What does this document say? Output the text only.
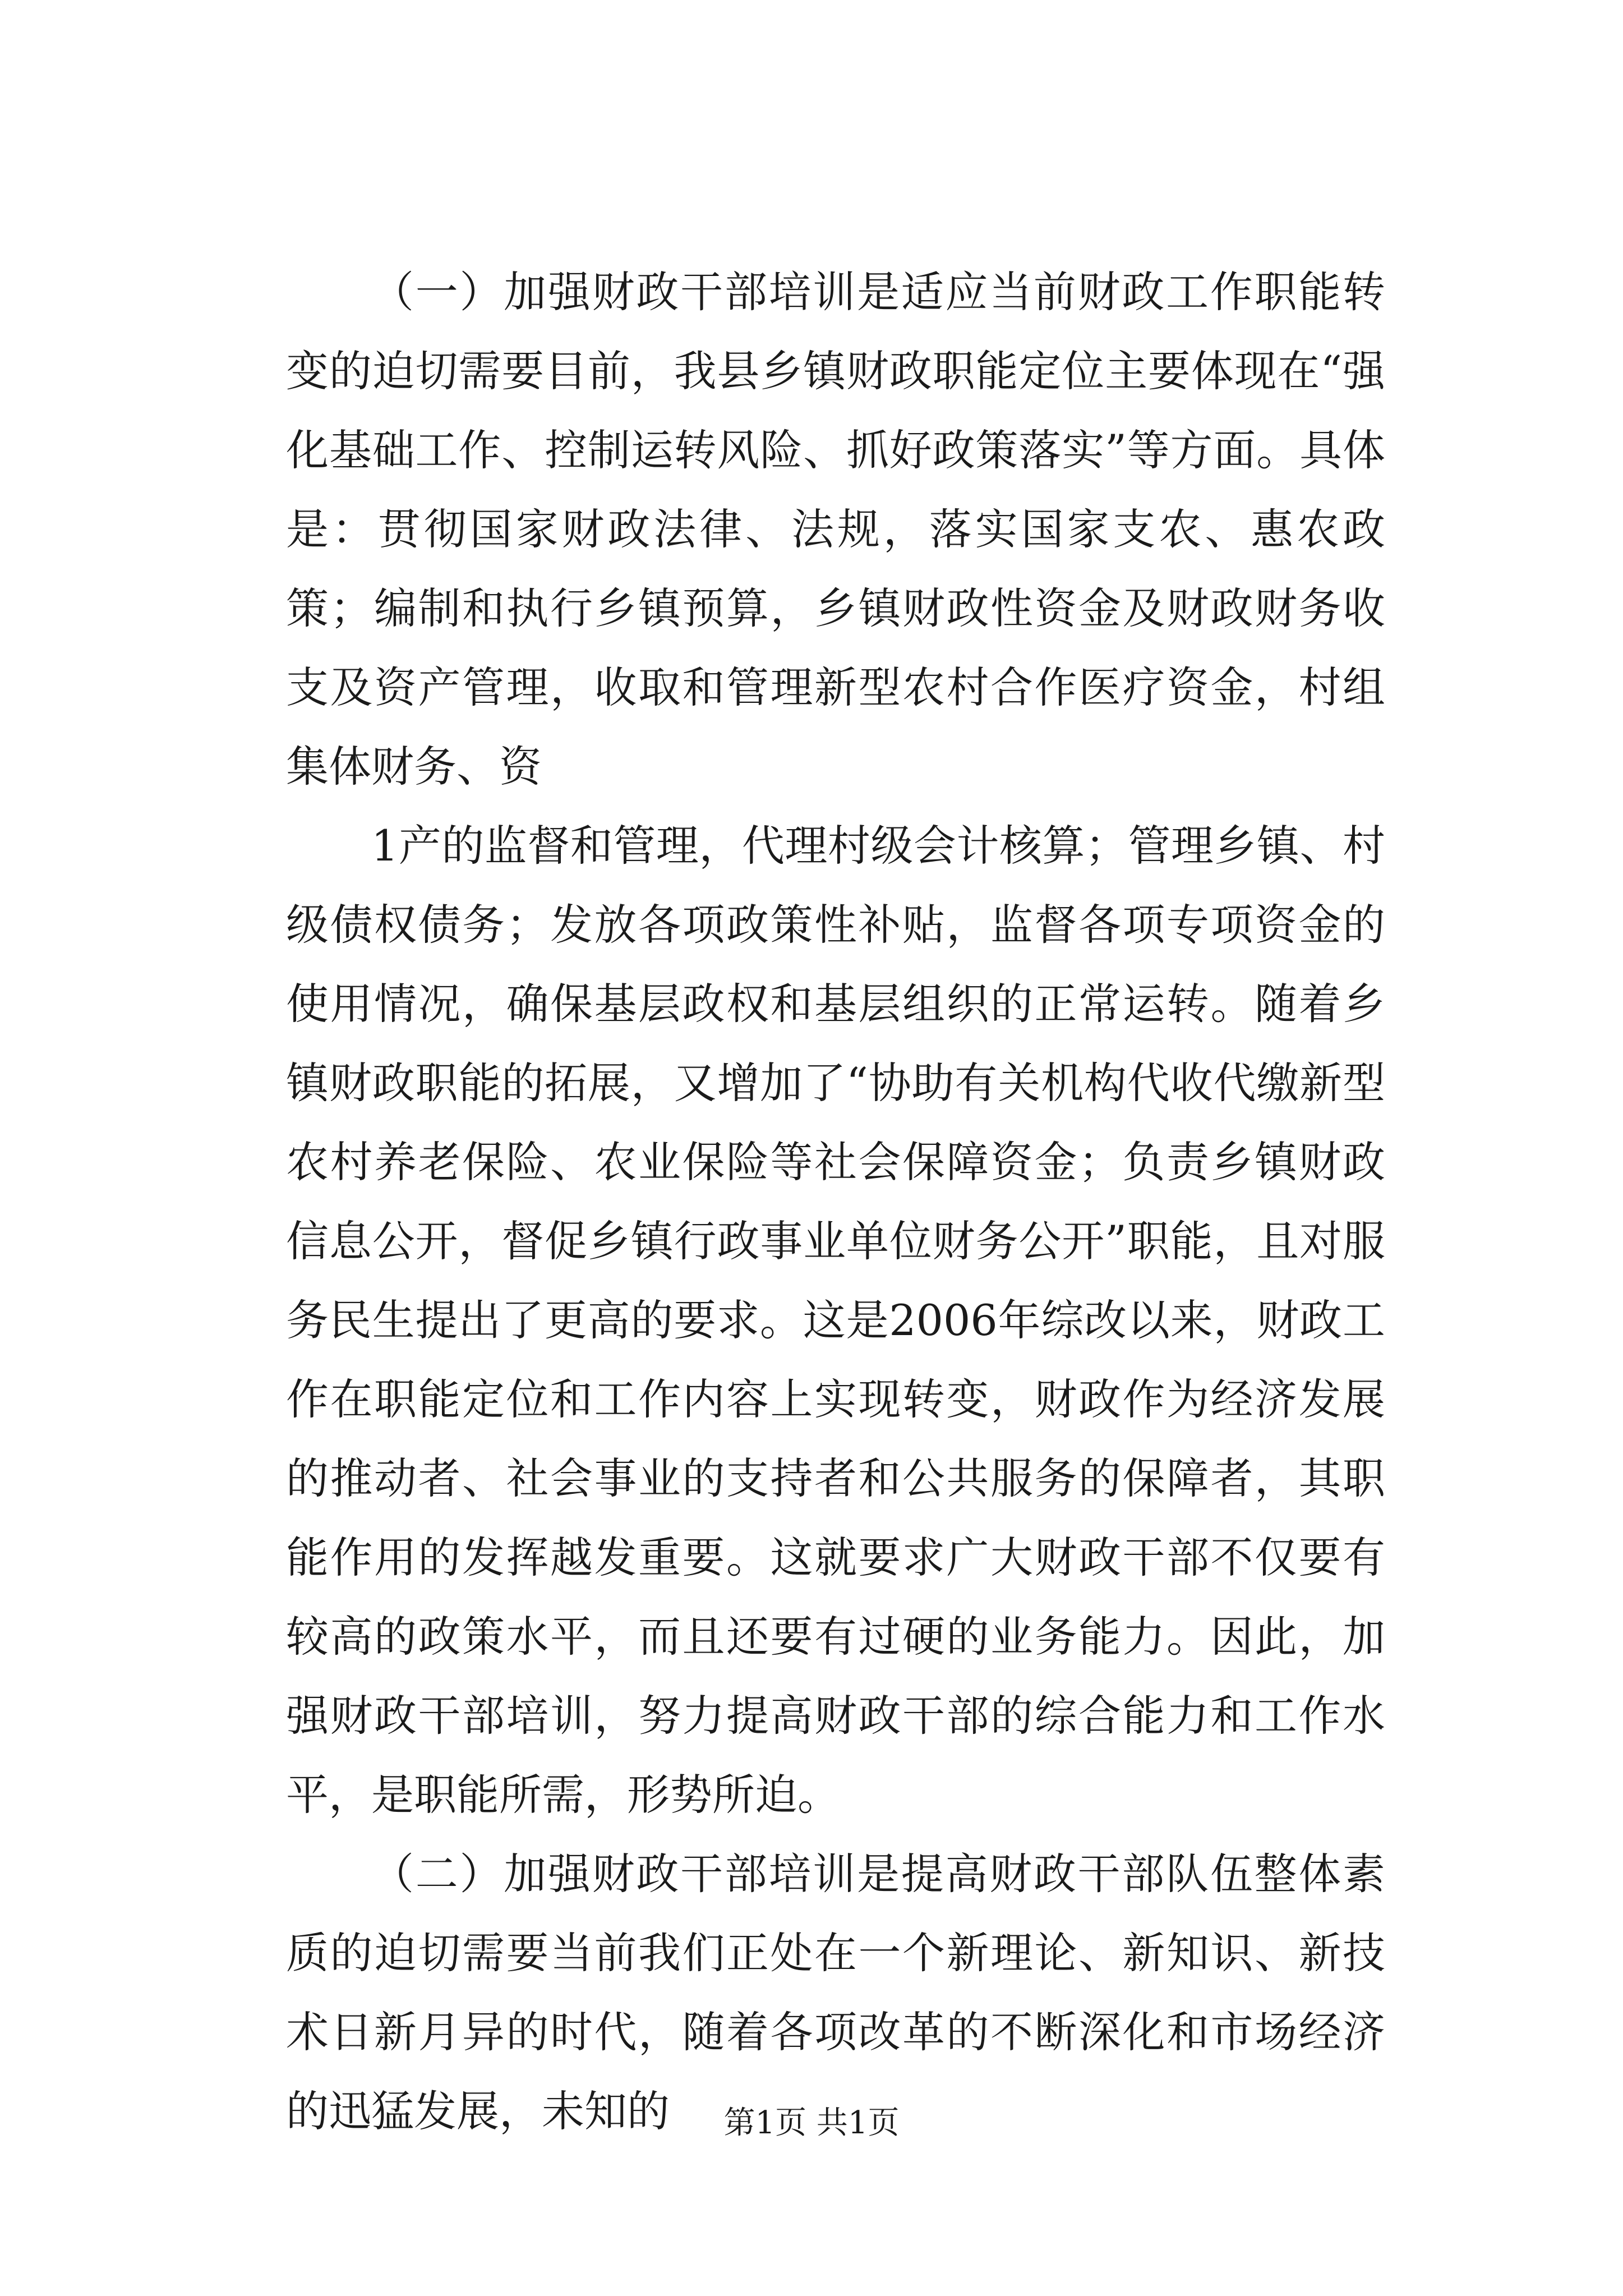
（一）加强财政干部培训是适应当前财政工作职能转变的迫切需要目前，我县乡镇财政职能定位主要体现在“强化基础工作、控制运转风险、抓好政策落实”等方面。具体是：贯彻国家财政法律、法规，落实国家支农、惠农政策；编制和执行乡镇预算，乡镇财政性资金及财政财务收支及资产管理，收取和管理新型农村合作医疗资金，村组集体财务、资

1产的监督和管理，代理村级会计核算；管理乡镇、村级债权债务；发放各项政策性补贴，监督各项专项资金的使用情况，确保基层政权和基层组织的正常运转。随着乡镇财政职能的拓展，又增加了“协助有关机构代收代缴新型农村养老保险、农业保险等社会保障资金；负责乡镇财政信息公开，督促乡镇行政事业单位财务公开”职能，且对服务民生提出了更高的要求。这是2006年综改以来，财政工作在职能定位和工作内容上实现转变，财政作为经济发展的推动者、社会事业的支持者和公共服务的保障者，其职能作用的发挥越发重要。这就要求广大财政干部不仅要有较高的政策水平，而且还要有过硬的业务能力。因此，加强财政干部培训，努力提高财政干部的综合能力和工作水平，是职能所需，形势所迫。

（二）加强财政干部培训是提高财政干部队伍整体素质的迫切需要当前我们正处在一个新理论、新知识、新技术日新月异的时代，随着各项改革的不断深化和市场经济的迅猛发展，未知的	第1页 共1页
